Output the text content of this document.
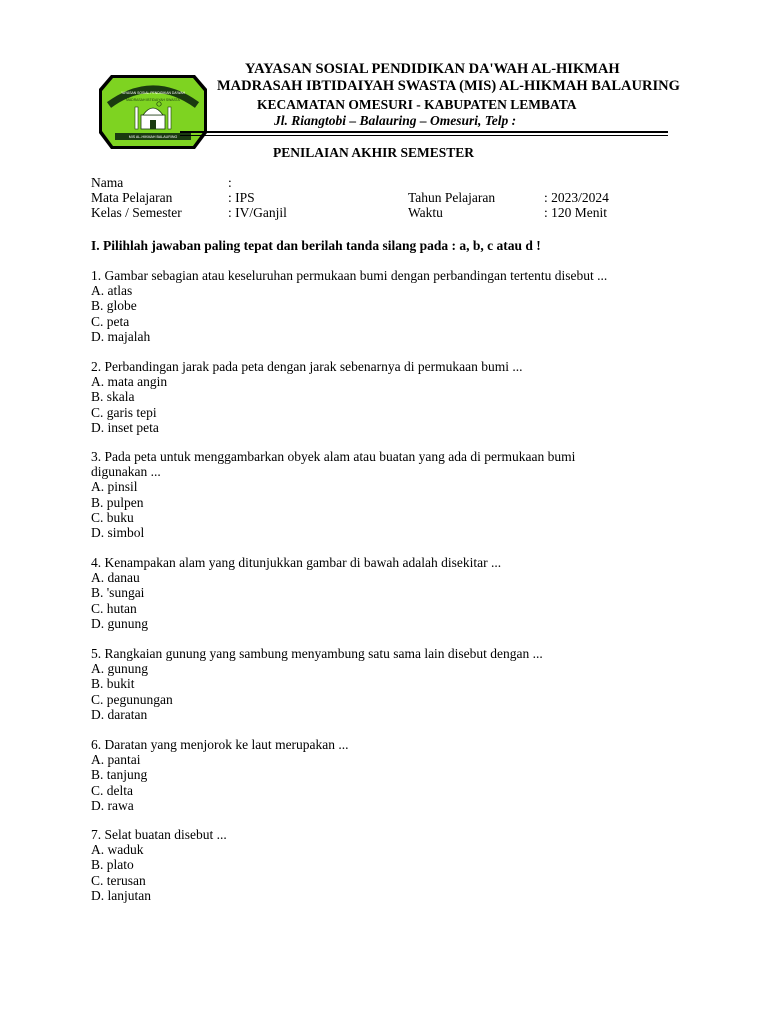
YAYASAN SOSIAL PENDIDIKAN DA'WAH
MADRASAH IBTIDAIYAH SWASTA
MIS AL-HIKMAH BALAURING
YAYASAN SOSIAL PENDIDIKAN DA'WAH AL-HIKMAH
MADRASAH IBTIDAIYAH SWASTA (MIS) AL-HIKMAH BALAURING
KECAMATAN OMESURI - KABUPATEN LEMBATA
Jl. Riangtobi – Balauring – Omesuri, Telp :
PENILAIAN AKHIR SEMESTER
Nama	:
Mata Pelajaran	: IPS	Tahun Pelajaran	: 2023/2024
Kelas / Semester	: IV/Ganjil	Waktu	: 120 Menit
I. Pilihlah jawaban paling tepat dan berilah tanda silang pada : a, b, c atau d !
1. Gambar sebagian atau keseluruhan permukaan bumi dengan perbandingan tertentu disebut ...
A. atlas
B. globe
C. peta
D. majalah
2. Perbandingan jarak pada peta dengan jarak sebenarnya di permukaan bumi ...
A. mata angin
B. skala
C. garis tepi
D. inset peta
3. Pada peta untuk menggambarkan obyek alam atau buatan yang ada di permukaan bumi
digunakan ...
A. pinsil
B. pulpen
C. buku
D. simbol
4. Kenampakan alam yang ditunjukkan gambar di bawah adalah disekitar ...
A. danau
B. 'sungai
C. hutan
D. gunung
5. Rangkaian gunung yang sambung menyambung satu sama lain disebut dengan ...
A. gunung
B. bukit
C. pegunungan
D. daratan
6. Daratan yang menjorok ke laut merupakan ...
A. pantai
B. tanjung
C. delta
D. rawa
7. Selat buatan disebut ...
A. waduk
B. plato
C. terusan
D. lanjutan
